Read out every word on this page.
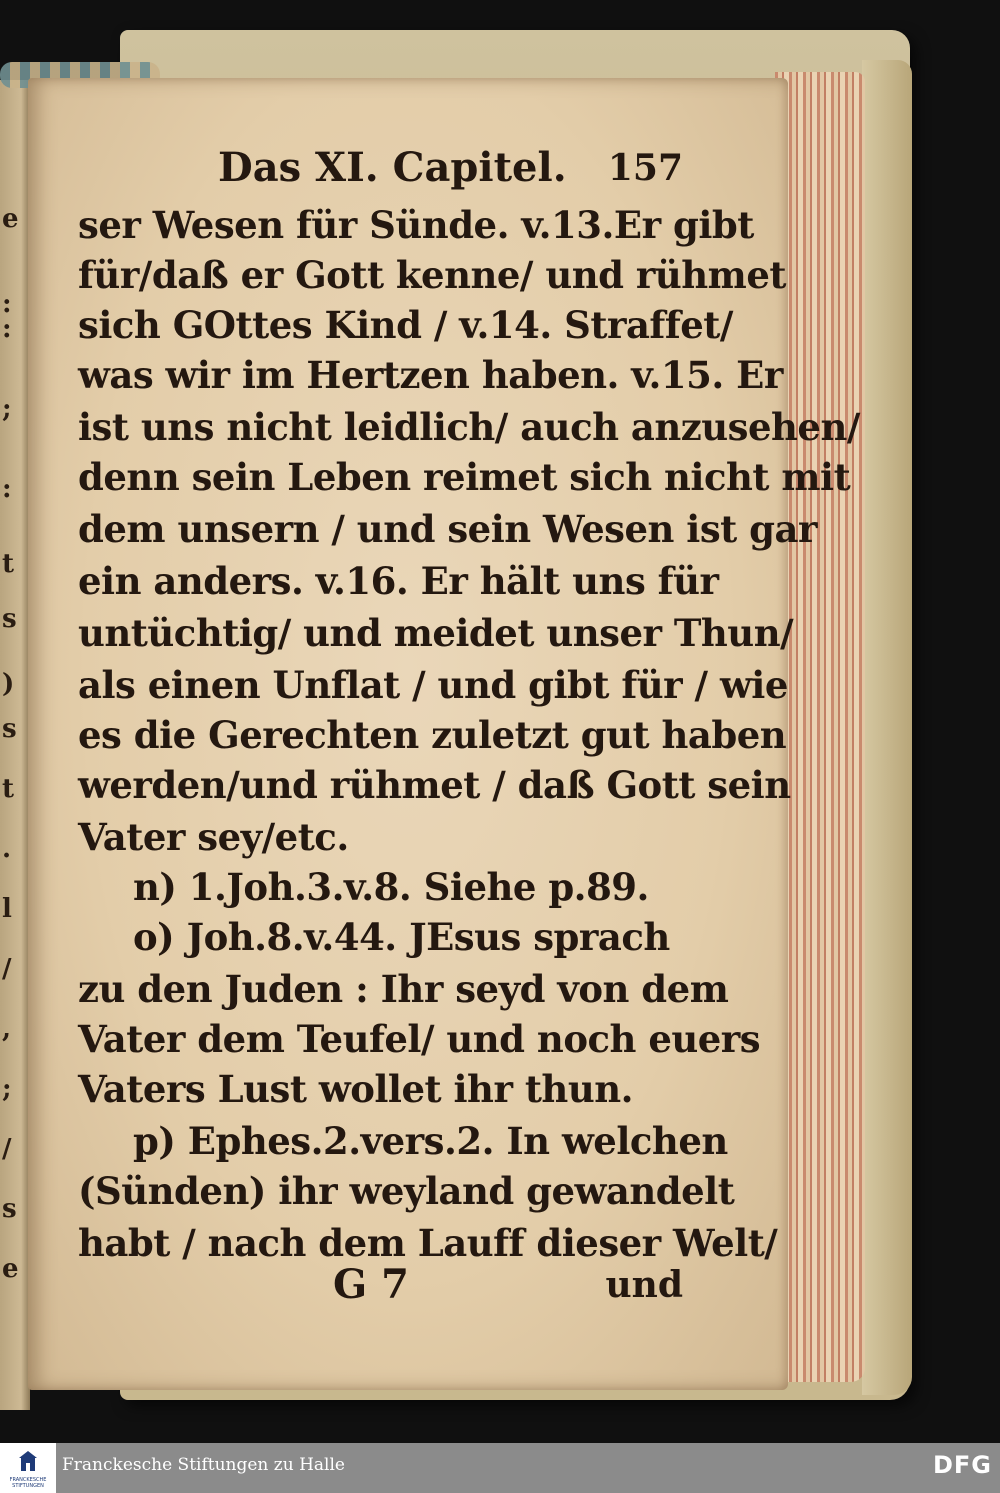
e
:
:
;
:
t
s
)
s
t
.
l
/
,
;
/
s
e
Das XI. Capitel. 157
ser Wesen für Sünde. v.13.Er gibt
für/daß er Gott kenne/ und rühmet
sich GOttes Kind / v.14. Straffet/
was wir im Hertzen haben. v.15. Er
ist uns nicht leidlich/ auch anzusehen/
denn sein Leben reimet sich nicht mit
dem unsern / und sein Wesen ist gar
ein anders. v.16. Er hält uns für
untüchtig/ und meidet unser Thun/
als einen Unflat / und gibt für / wie
es die Gerechten zuletzt gut haben
werden/und rühmet / daß Gott sein
Vater sey/etc.
n) 1.Joh.3.v.8. Siehe p.89.
o) Joh.8.v.44. JEsus sprach
zu den Juden : Ihr seyd von dem
Vater dem Teufel/ und noch euers
Vaters Lust wollet ihr thun.
p) Ephes.2.vers.2. In welchen
(Sünden) ihr weyland gewandelt
habt / nach dem Lauff dieser Welt/
G 7	und
FRANCKESCHE STIFTUNGEN
Franckesche Stiftungen zu Halle	DFG
